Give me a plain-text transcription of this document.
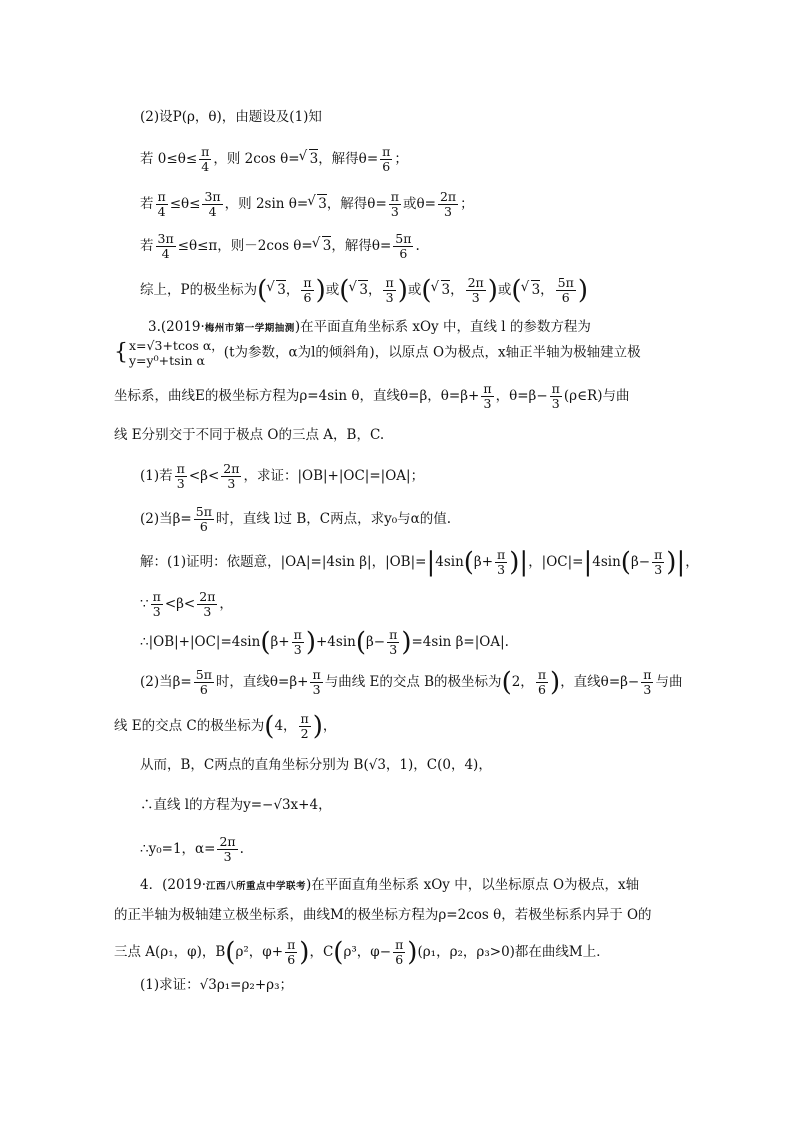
(2)设P(ρ，θ)，由题设及(1)知
若 $0\le\theta\le \frac{\pi}{4}$ ，则 2cos θ= √ 3，解得$\theta= \frac{\pi}{6}$ ；
若 $\frac{\pi}{4} \le\theta\le \frac{3\pi}{4}$ ，则 2sin θ= √ 3，解得$\theta= \frac{\pi}{3}$ 或$\theta= \frac{2\pi}{3}$ ；
若 $\frac{3\pi}{4} \le\theta\le\pi$，则－2cos θ= √ 3，解得$\theta= \frac{5\pi}{6}$ .
综上，P的极坐标为( √ 3， $\frac{\pi}{6}$ )或( √ 3， $\frac{\pi}{3}$ )或( √ 3， $\frac{2\pi}{3}$ )或( √ 3， $\frac{5\pi}{6}$ )
3.(2019·梅州市第一学期抽测)在平面直角坐标系 xOy 中，直线 l 的参数方程为
{ x=√3+tcos α，
y=y⁰+tsin α	(t为参数，α为l的倾斜角)，以原点 O为极点，x轴正半轴为极轴建立极
坐标系，曲线E的极坐标方程为ρ=4sin θ，直线θ=β，$\theta=\beta+ \frac{\pi}{3}$ ，$\theta=\beta- \frac{\pi}{3}$ (ρ∈R)与曲
线 E分别交于不同于极点 O的三点 A，B，C.
(1)若 $\frac{\pi}{3} <\beta< \frac{2\pi}{3}$ ，求证：|OB|+|OC|=|OA|；
(2)当$\beta= \frac{5\pi}{6}$ 时，直线 l过 B，C两点，求y₀与α的值.
解：(1)证明：依题意，|OA|=|4sin β|，$|OB|=|4\sin(\beta+ \frac{\pi}{3}$ )|，$|OC|=|4\sin(\beta- \frac{\pi}{3}$ )|，
∵ $\frac{\pi}{3} <\beta< \frac{2\pi}{3}$ ，
∴|OB|+|OC|=4sin(β+ $\frac{\pi}{3} )+4\sin(\beta- \frac{\pi}{3} )=4\sin$ β=|OA|.
(2)当$\beta= \frac{5\pi}{6}$ 时，直线$\theta=\beta+ \frac{\pi}{3}$ 与曲线 E的交点 B的极坐标为(2， $\frac{\pi}{6}$ )，直线$\theta=\beta- \frac{\pi}{3}$ 与曲
线 E的交点 C的极坐标为(4， $\frac{\pi}{2}$ )，
从而，B，C两点的直角坐标分别为 B(√3，1)，C(0，4)，
∴直线 l的方程为y=−√3x+4，
∴y₀=1，$\alpha= \frac{2\pi}{3}$ .
4．(2019·江西八所重点中学联考)在平面直角坐标系 xOy 中，以坐标原点 O为极点，x轴
的正半轴为极轴建立极坐标系，曲线M的极坐标方程为ρ=2cos θ，若极坐标系内异于 O的
三点 A(ρ₁，φ)，B(ρ²，$\varphi+ \frac{\pi}{6}$ )，C(ρ³，$\varphi- \frac{\pi}{6} )(\rho_1$，ρ₂，ρ₃>0)都在曲线M上．
(1)求证：√3ρ₁=ρ₂+ρ₃；
